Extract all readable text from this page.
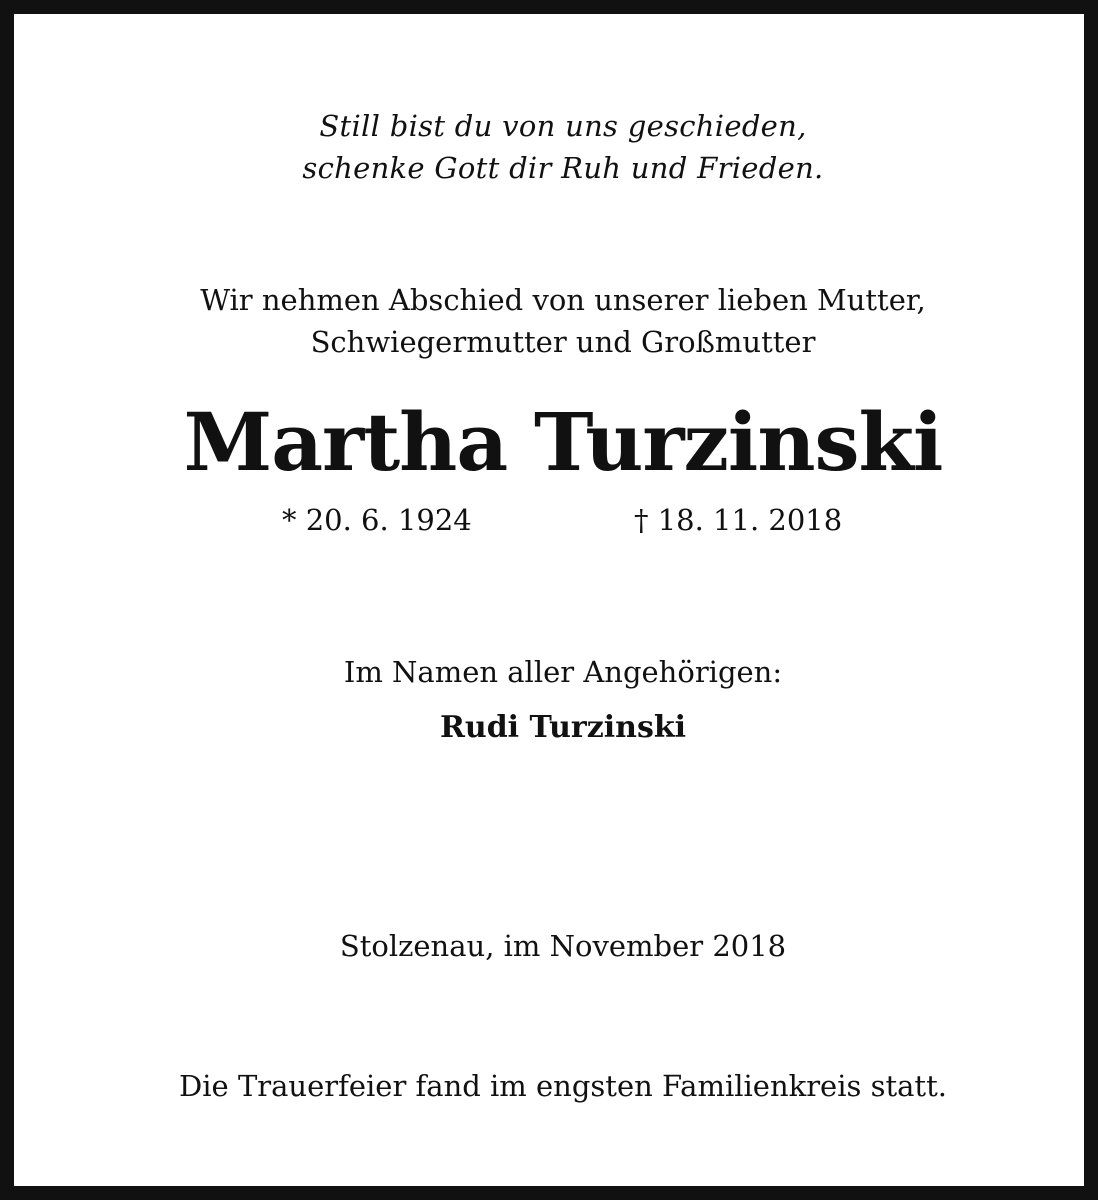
Still bist du von uns geschieden,
schenke Gott dir Ruh und Frieden.
Wir nehmen Abschied von unserer lieben Mutter,
Schwiegermutter und Großmutter
Martha Turzinski
* 20. 6. 1924	† 18. 11. 2018
Im Namen aller Angehörigen:
Rudi Turzinski
Stolzenau, im November 2018
Die Trauerfeier fand im engsten Familienkreis statt.
